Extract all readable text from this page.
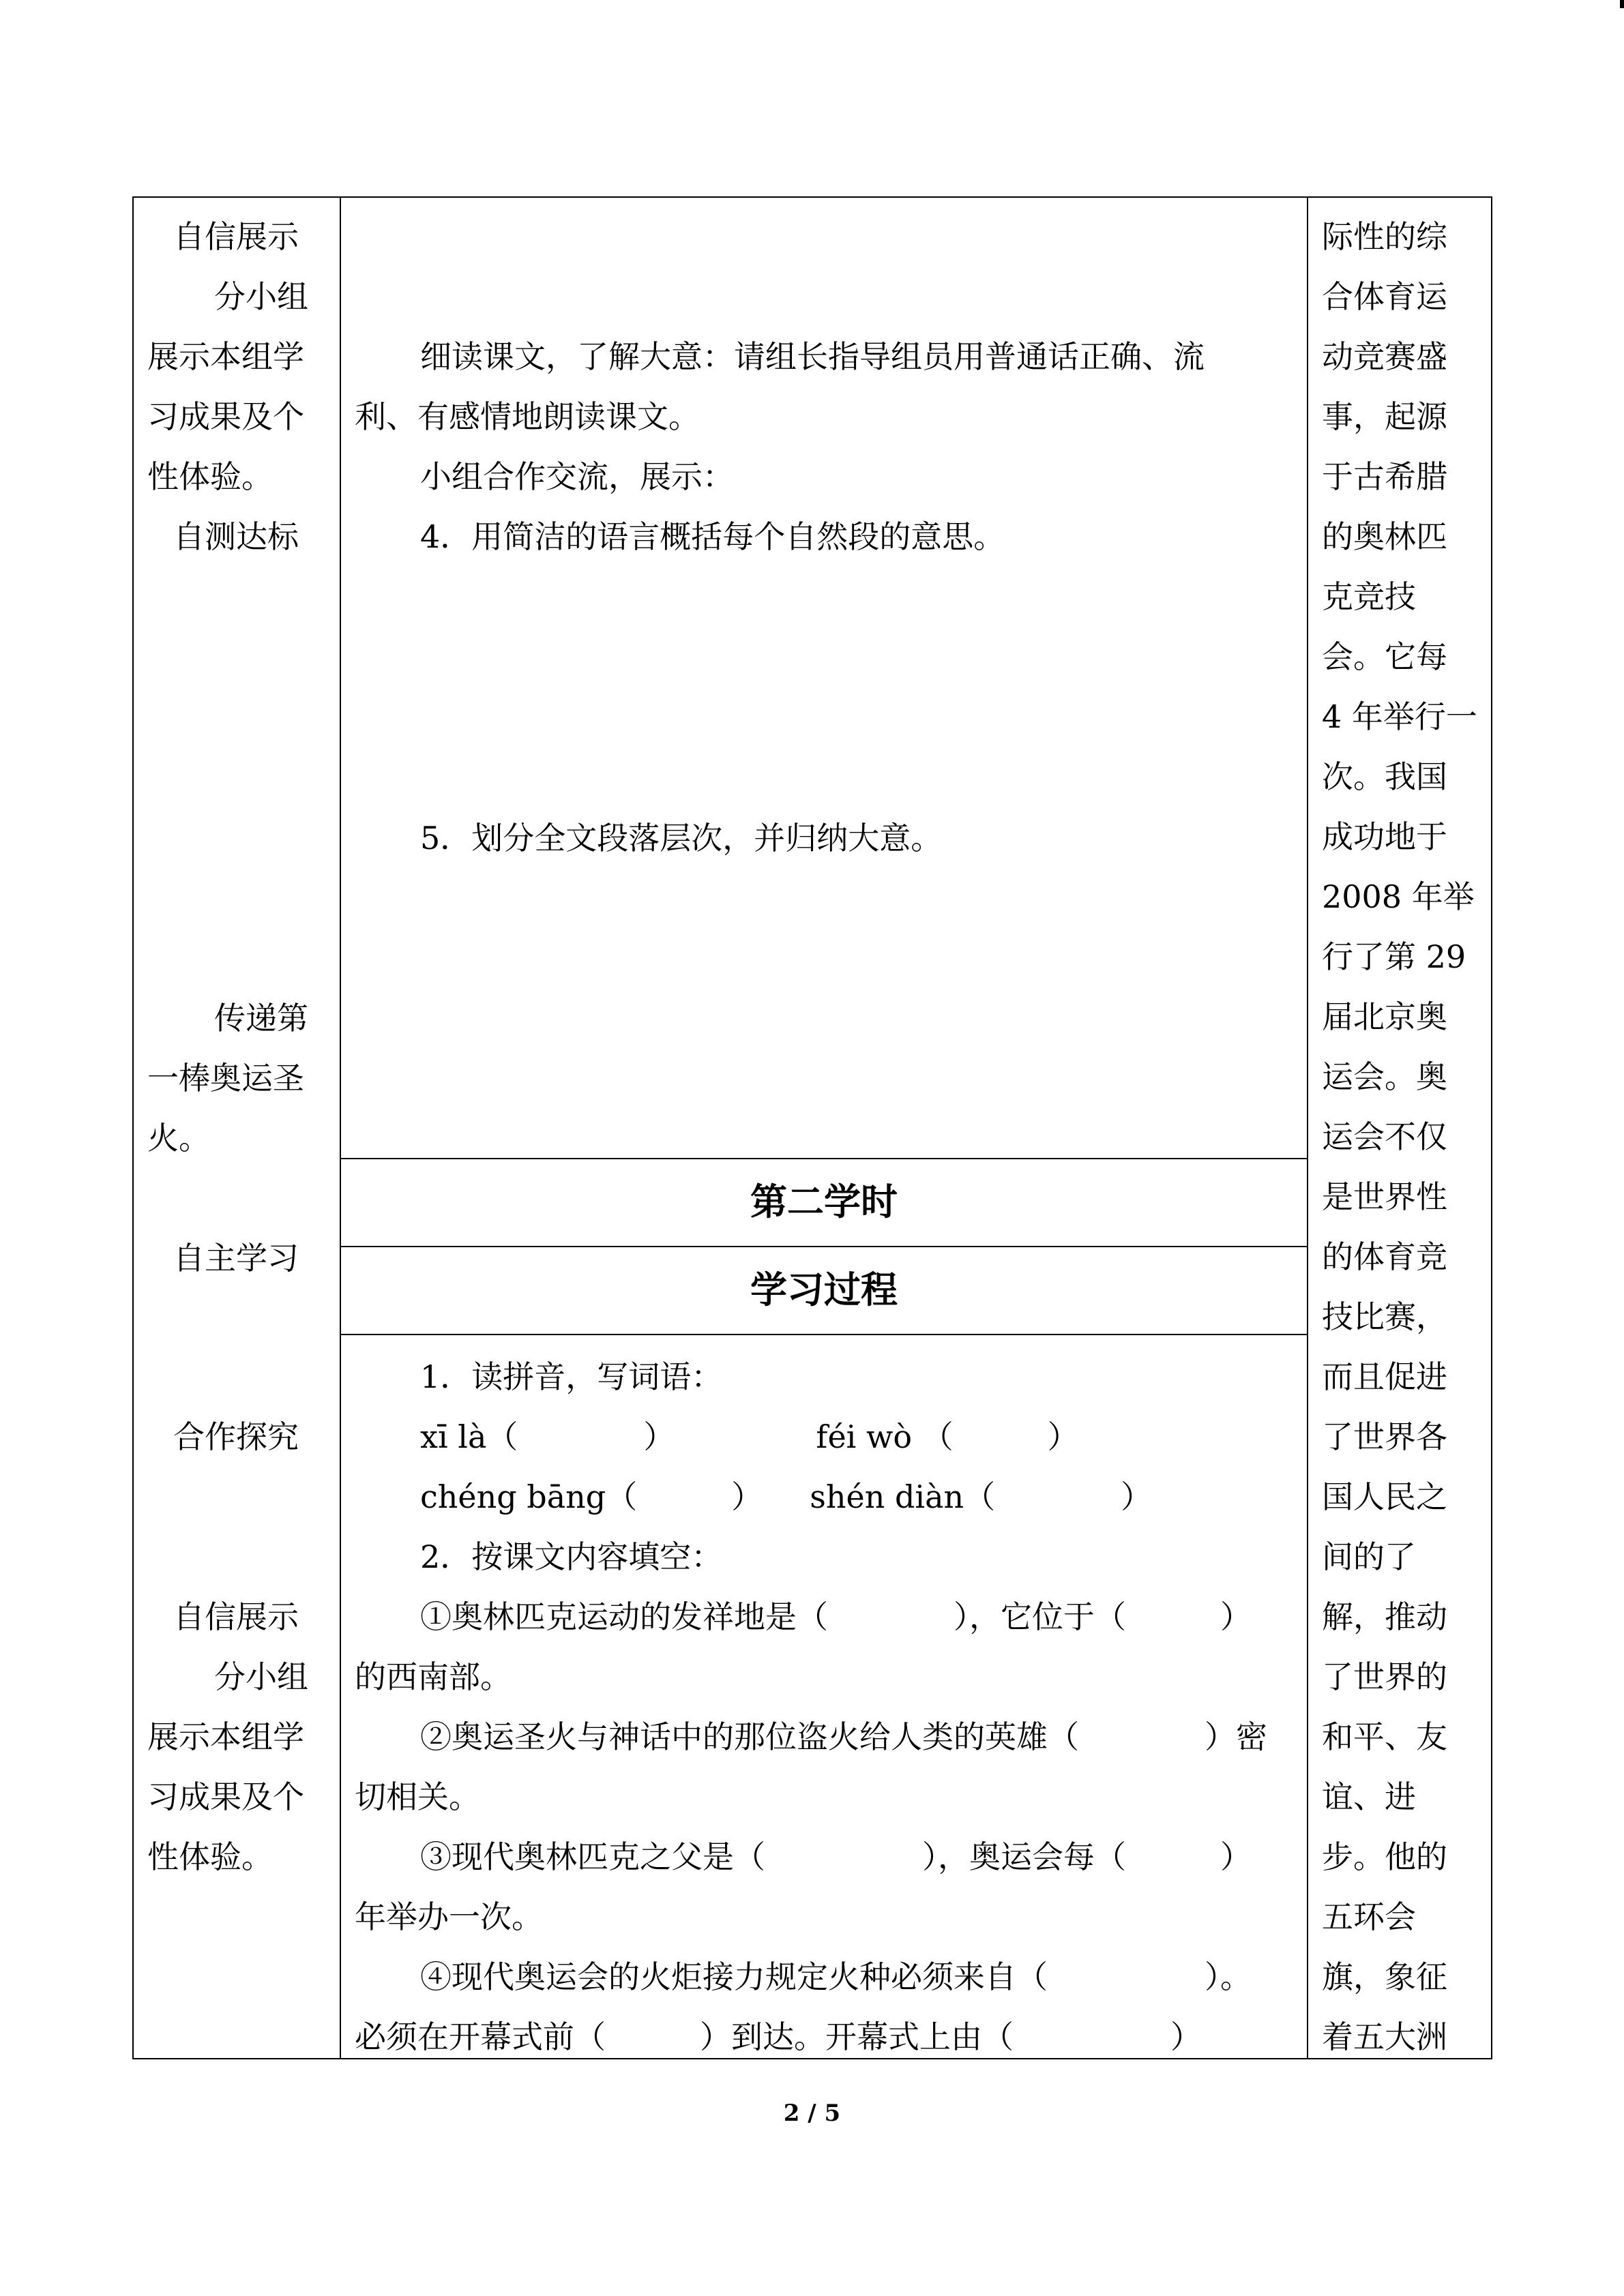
自信展示
分小组
展示本组学
习成果及个
性体验。
自测达标
传递第
一棒奥运圣
火。
自主学习
合作探究
自信展示
分小组
展示本组学
习成果及个
性体验。
细读课文，了解大意：请组长指导组员用普通话正确、流
利、有感情地朗读课文。
小组合作交流，展示：
4．用简洁的语言概括每个自然段的意思。
5．划分全文段落层次，并归纳大意。
第二学时
学习过程
1．读拼音，写词语：
xī là（　　　　）　　　　　féi wò （　　　）
chéng bāng（　　　）　　shén diàn（　　　　）
2．按课文内容填空：
①奥林匹克运动的发祥地是（　　　　），它位于（　　　）
的西南部。
②奥运圣火与神话中的那位盗火给人类的英雄（　　　　）密
切相关。
③现代奥林匹克之父是（　　　　　），奥运会每（　　　）
年举办一次。
④现代奥运会的火炬接力规定火种必须来自（　　　　　）。
必须在开幕式前（　　　）到达。开幕式上由（　　　　　）
际性的综
合体育运
动竞赛盛
事，起源
于古希腊
的奥林匹
克竞技
会。它每
4 年举行一
次。我国
成功地于
2008 年举
行了第 29
届北京奥
运会。奥
运会不仅
是世界性
的体育竞
技比赛，
而且促进
了世界各
国人民之
间的了
解，推动
了世界的
和平、友
谊、进
步。他的
五环会
旗，象征
着五大洲
2 / 5
